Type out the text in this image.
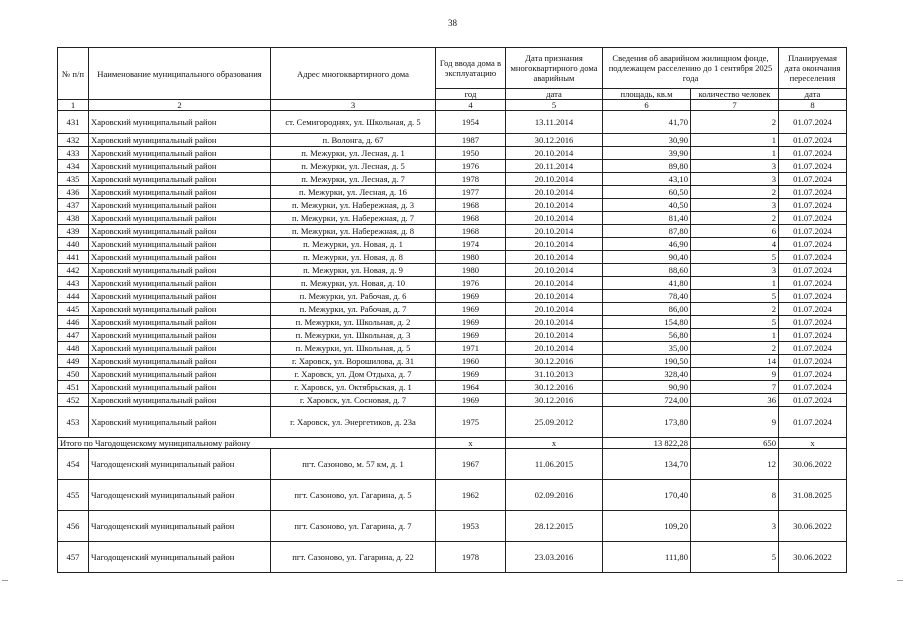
38
№ п/п	Наименование муниципального образования	Адрес многоквартирного дома	Год ввода дома в эксплуатацию	Дата признания многоквартирного дома аварийным	Сведения об аварийном жилищном фонде, подлежащем расселению до 1 сентября 2025 года		Планируемая дата окончания переселения
			год	дата	площадь, кв.м	количество человек	дата
1	2	3	4	5	6	7	8
431	Харовский муниципальный район	ст. Семигороднях, ул. Школьная, д. 5	1954	13.11.2014	41,70	2	01.07.2024
432	Харовский муниципальный район	п. Волонга, д. 67	1987	30.12.2016	30,90	1	01.07.2024
433	Харовский муниципальный район	п. Межурки, ул. Лесная, д. 1	1950	20.10.2014	39,90	1	01.07.2024
434	Харовский муниципальный район	п. Межурки, ул. Лесная, д. 5	1976	20.11.2014	89,80	3	01.07.2024
435	Харовский муниципальный район	п. Межурки, ул. Лесная, д. 7	1978	20.10.2014	43,10	3	01.07.2024
436	Харовский муниципальный район	п. Межурки, ул. Лесная, д. 16	1977	20.10.2014	60,50	2	01.07.2024
437	Харовский муниципальный район	п. Межурки, ул. Набережная, д. 3	1968	20.10.2014	40,50	3	01.07.2024
438	Харовский муниципальный район	п. Межурки, ул. Набережная, д. 7	1968	20.10.2014	81,40	2	01.07.2024
439	Харовский муниципальный район	п. Межурки, ул. Набережная, д. 8	1968	20.10.2014	87,80	6	01.07.2024
440	Харовский муниципальный район	п. Межурки, ул. Новая, д. 1	1974	20.10.2014	46,90	4	01.07.2024
441	Харовский муниципальный район	п. Межурки, ул. Новая, д. 8	1980	20.10.2014	90,40	5	01.07.2024
442	Харовский муниципальный район	п. Межурки, ул. Новая, д. 9	1980	20.10.2014	88,60	3	01.07.2024
443	Харовский муниципальный район	п. Межурки, ул. Новая, д. 10	1976	20.10.2014	41,80	1	01.07.2024
444	Харовский муниципальный район	п. Межурки, ул. Рабочая, д. 6	1969	20.10.2014	78,40	5	01.07.2024
445	Харовский муниципальный район	п. Межурки, ул. Рабочая, д. 7	1969	20.10.2014	86,00	2	01.07.2024
446	Харовский муниципальный район	п. Межурки, ул. Школьная, д. 2	1969	20.10.2014	154,80	5	01.07.2024
447	Харовский муниципальный район	п. Межурки, ул. Школьная, д. 3	1969	20.10.2014	56,80	1	01.07.2024
448	Харовский муниципальный район	п. Межурки, ул. Школьная, д. 5	1971	20.10.2014	35,00	2	01.07.2024
449	Харовский муниципальный район	г. Харовск, ул. Ворошилова, д. 31	1960	30.12.2016	190,50	14	01.07.2024
450	Харовский муниципальный район	г. Харовск, ул. Дом Отдыха, д. 7	1969	31.10.2013	328,40	9	01.07.2024
451	Харовский муниципальный район	г. Харовск, ул. Октябрьская, д. 1	1964	30.12.2016	90,90	7	01.07.2024
452	Харовский муниципальный район	г. Харовск, ул. Сосновая, д. 7	1969	30.12.2016	724,00	36	01.07.2024
453	Харовский муниципальный район	г. Харовск, ул. Энергетиков, д. 23а	1975	25.09.2012	173,80	9	01.07.2024
Итого по Чагодощенскому муниципальному району			х	х	13 822,28	650	х
454	Чагодощенский муниципальный район	пгт. Сазоново, м. 57 км, д. 1	1967	11.06.2015	134,70	12	30.06.2022
455	Чагодощенский муниципальный район	пгт. Сазоново, ул. Гагарина, д. 5	1962	02.09.2016	170,40	8	31.08.2025
456	Чагодощенский муниципальный район	пгт. Сазоново, ул. Гагарина, д. 7	1953	28.12.2015	109,20	3	30.06.2022
457	Чагодощенский муниципальный район	пгт. Сазоново, ул. Гагарина, д. 22	1978	23.03.2016	111,80	5	30.06.2022
